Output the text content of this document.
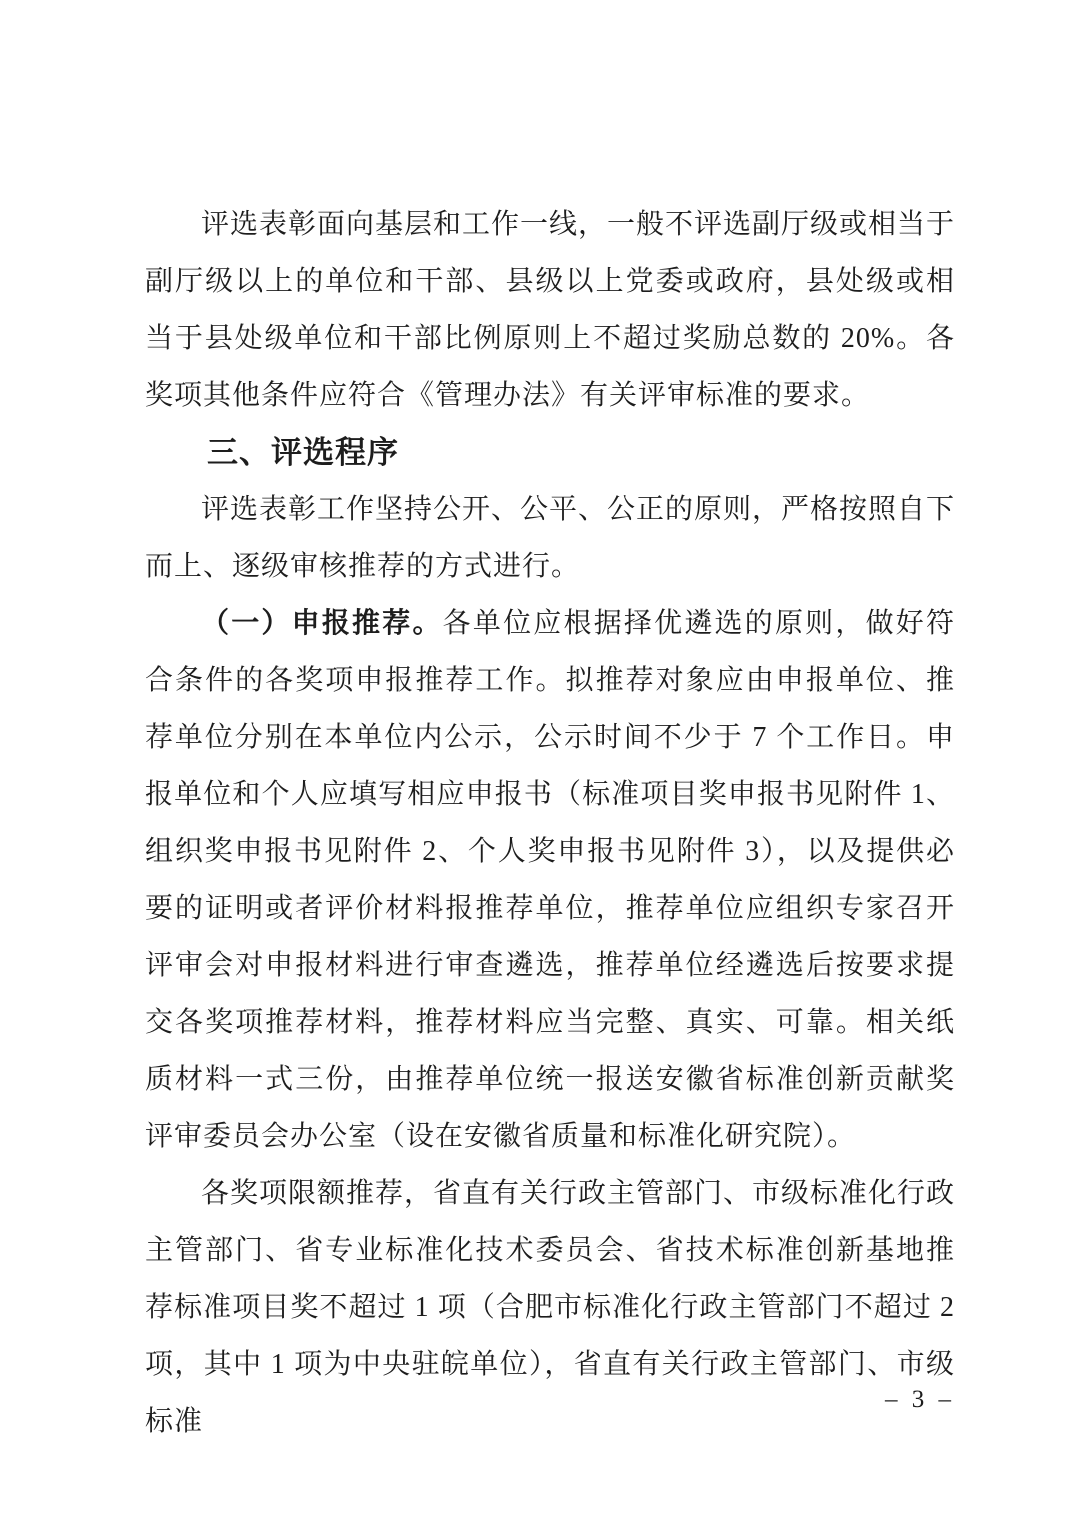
评选表彰面向基层和工作一线，一般不评选副厅级或相当于副厅级以上的单位和干部、县级以上党委或政府，县处级或相当于县处级单位和干部比例原则上不超过奖励总数的 20%。各奖项其他条件应符合《管理办法》有关评审标准的要求。

三、评选程序

评选表彰工作坚持公开、公平、公正的原则，严格按照自下而上、逐级审核推荐的方式进行。

（一）申报推荐。各单位应根据择优遴选的原则，做好符合条件的各奖项申报推荐工作。拟推荐对象应由申报单位、推荐单位分别在本单位内公示，公示时间不少于 7 个工作日。申报单位和个人应填写相应申报书（标准项目奖申报书见附件 1、组织奖申报书见附件 2、个人奖申报书见附件 3），以及提供必要的证明或者评价材料报推荐单位，推荐单位应组织专家召开评审会对申报材料进行审查遴选，推荐单位经遴选后按要求提交各奖项推荐材料，推荐材料应当完整、真实、可靠。相关纸质材料一式三份，由推荐单位统一报送安徽省标准创新贡献奖评审委员会办公室（设在安徽省质量和标准化研究院）。

各奖项限额推荐，省直有关行政主管部门、市级标准化行政主管部门、省专业标准化技术委员会、省技术标准创新基地推荐标准项目奖不超过 1 项（合肥市标准化行政主管部门不超过 2 项，其中 1 项为中央驻皖单位），省直有关行政主管部门、市级标准

– 3 –
